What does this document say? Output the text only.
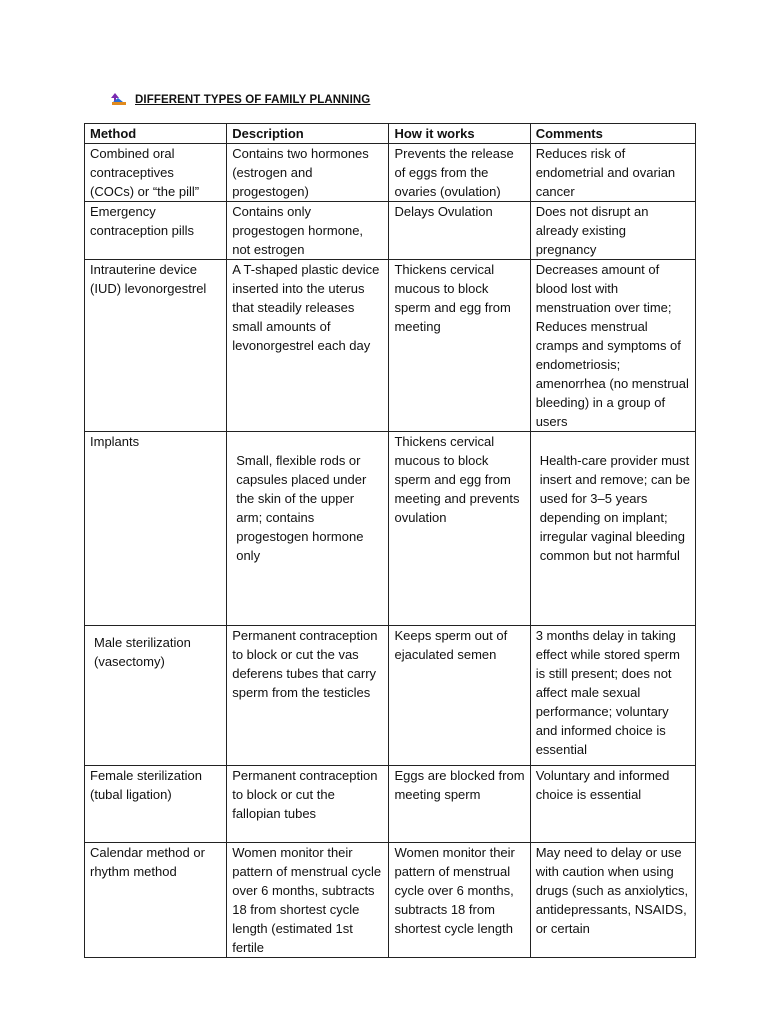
DIFFERENT TYPES OF FAMILY PLANNING
Method	Description	How it works	Comments
Combined oral contraceptives (COCs) or “the pill”	Contains two hormones (estrogen and progestogen)	Prevents the release of eggs from the ovaries (ovulation)	Reduces risk of endometrial and ovarian cancer
Emergency contraception pills	Contains only progestogen hormone, not estrogen	Delays Ovulation	Does not disrupt an already existing pregnancy
Intrauterine device (IUD) levonorgestrel	A T-shaped plastic device inserted into the uterus that steadily releases small amounts of levonorgestrel each day	Thickens cervical mucous to block sperm and egg from meeting	Decreases amount of blood lost with menstruation over time; Reduces menstrual cramps and symptoms of endometriosis; amenorrhea (no menstrual bleeding) in a group of users
Implants	Small, flexible rods or capsules placed under the skin of the upper arm; contains progestogen hormone only	Thickens cervical mucous to block sperm and egg from meeting and prevents ovulation	Health-care provider must insert and remove; can be used for 3–5 years depending on implant; irregular vaginal bleeding common but not harmful
Male sterilization (vasectomy)	Permanent contraception to block or cut the vas deferens tubes that carry sperm from the testicles	Keeps sperm out of ejaculated semen	3 months delay in taking effect while stored sperm is still present; does not affect male sexual performance; voluntary and informed choice is essential
Female sterilization (tubal ligation)	Permanent contraception to block or cut the fallopian tubes	Eggs are blocked from meeting sperm	Voluntary and informed choice is essential
Calendar method or rhythm method	Women monitor their pattern of menstrual cycle over 6 months, subtracts 18 from shortest cycle length (estimated 1st fertile	Women monitor their pattern of menstrual cycle over 6 months, subtracts 18 from shortest cycle length	May need to delay or use with caution when using drugs (such as anxiolytics, antidepressants, NSAIDS, or certain
